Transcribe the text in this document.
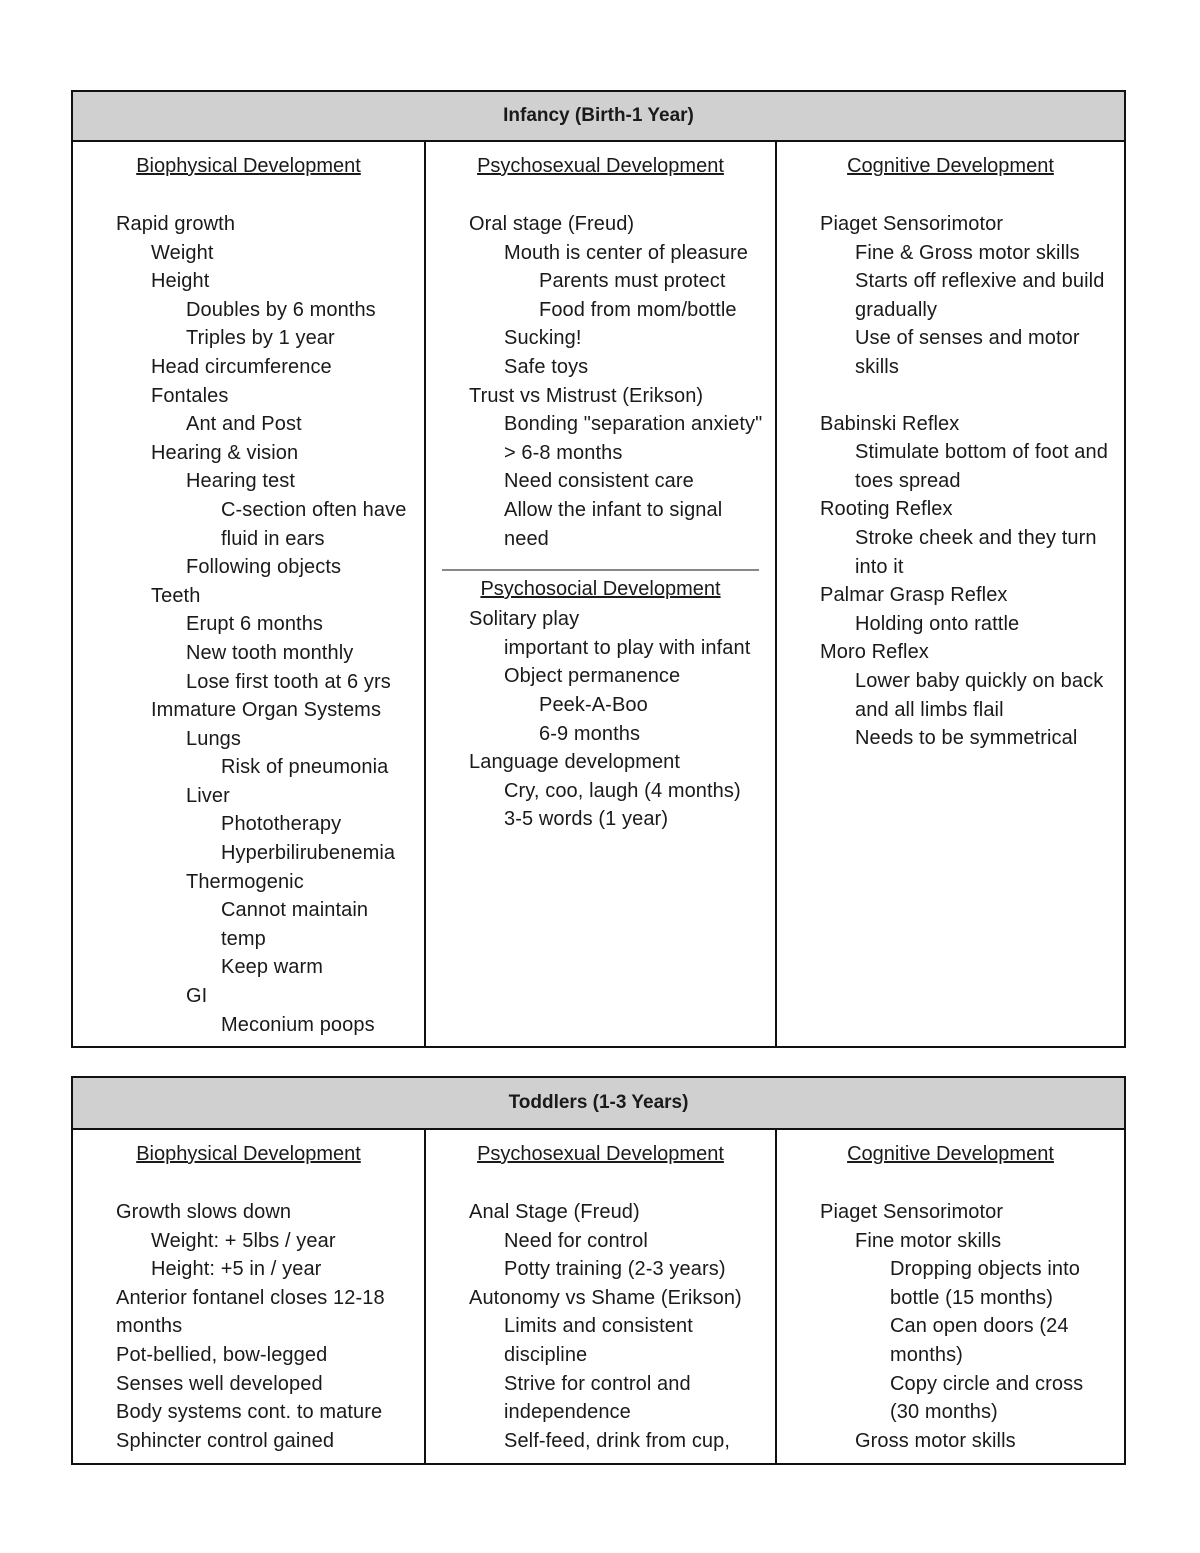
Infancy (Birth-1 Year)
Biophysical Development
Rapid growth
Weight
Height
Doubles by 6 months
Triples by 1 year
Head circumference
Fontales
Ant and Post
Hearing & vision
Hearing test
C-section often have fluid in ears
Following objects
Teeth
Erupt 6 months
New tooth monthly
Lose first tooth at 6 yrs
Immature Organ Systems
Lungs
Risk of pneumonia
Liver
Phototherapy
Hyperbilirubenemia
Thermogenic
Cannot maintain temp
Keep warm
GI
Meconium poops
Psychosexual Development
Oral stage (Freud)
Mouth is center of pleasure
Parents must protect
Food from mom/bottle
Sucking!
Safe toys
Trust vs Mistrust (Erikson)
Bonding "separation anxiety" > 6-8 months
Need consistent care
Allow the infant to signal need
Psychosocial Development
Solitary play
important to play with infant
Object permanence
Peek-A-Boo
6-9 months
Language development
Cry, coo, laugh (4 months)
3-5 words (1 year)
Cognitive Development
Piaget Sensorimotor
Fine & Gross motor skills
Starts off reflexive and build gradually
Use of senses and motor skills
Babinski Reflex
Stimulate bottom of foot and toes spread
Rooting Reflex
Stroke cheek and they turn into it
Palmar Grasp Reflex
Holding onto rattle
Moro Reflex
Lower baby quickly on back and all limbs flail
Needs to be symmetrical
Toddlers (1-3 Years)
Biophysical Development
Growth slows down
Weight: + 5lbs / year
Height: +5 in / year
Anterior fontanel closes 12-18 months
Pot-bellied, bow-legged
Senses well developed
Body systems cont. to mature
Sphincter control gained
Psychosexual Development
Anal Stage (Freud)
Need for control
Potty training (2-3 years)
Autonomy vs Shame (Erikson)
Limits and consistent discipline
Strive for control and independence
Self-feed, drink from cup,
Cognitive Development
Piaget Sensorimotor
Fine motor skills
Dropping objects into bottle (15 months)
Can open doors (24 months)
Copy circle and cross (30 months)
Gross motor skills
